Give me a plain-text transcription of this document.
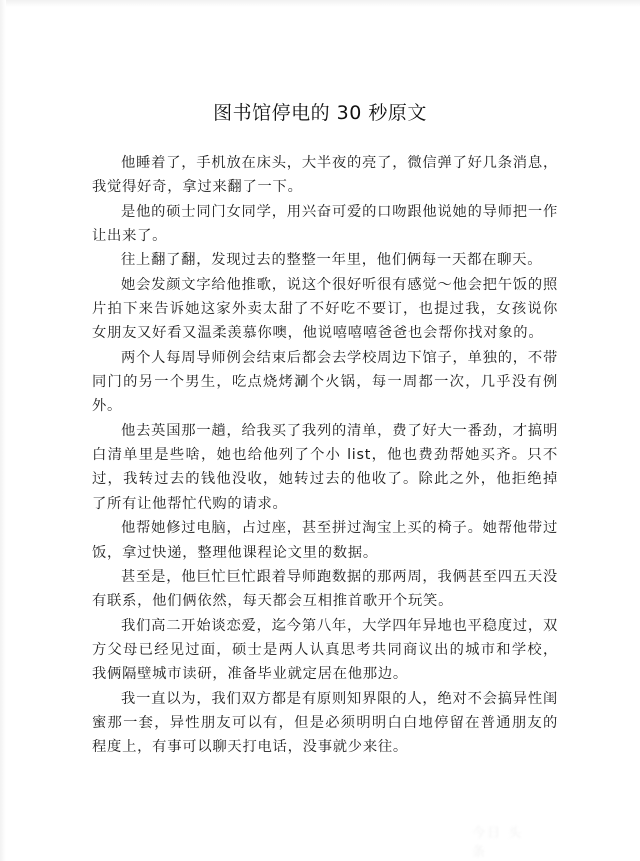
图书馆停电的 30 秒原文

他睡着了，手机放在床头，大半夜的亮了，微信弹了好几条消息，我觉得好奇，拿过来翻了一下。

是他的硕士同门女同学，用兴奋可爱的口吻跟他说她的导师把一作让出来了。

往上翻了翻，发现过去的整整一年里，他们俩每一天都在聊天。

她会发颜文字给他推歌，说这个很好听很有感觉～他会把午饭的照片拍下来告诉她这家外卖太甜了不好吃不要订，也提过我，女孩说你女朋友又好看又温柔羡慕你噢，他说嘻嘻嘻爸爸也会帮你找对象的。

两个人每周导师例会结束后都会去学校周边下馆子，单独的，不带同门的另一个男生，吃点烧烤涮个火锅，每一周都一次，几乎没有例外。

他去英国那一趟，给我买了我列的清单，费了好大一番劲，才搞明白清单里是些啥，她也给他列了个小 list，他也费劲帮她买齐。只不过，我转过去的钱他没收，她转过去的他收了。除此之外，他拒绝掉了所有让他帮忙代购的请求。

他帮她修过电脑，占过座，甚至拼过淘宝上买的椅子。她帮他带过饭，拿过快递，整理他课程论文里的数据。

甚至是，他巨忙巨忙跟着导师跑数据的那两周，我俩甚至四五天没有联系，他们俩依然，每天都会互相推首歌开个玩笑。

我们高二开始谈恋爱，迄今第八年，大学四年异地也平稳度过，双方父母已经见过面，硕士是两人认真思考共同商议出的城市和学校，我俩隔壁城市读研，准备毕业就定居在他那边。

我一直以为，我们双方都是有原则知界限的人，绝对不会搞异性闺蜜那一套，异性朋友可以有，但是必须明明白白地停留在普通朋友的程度上，有事可以聊天打电话，没事就少来往。

今日 头条
